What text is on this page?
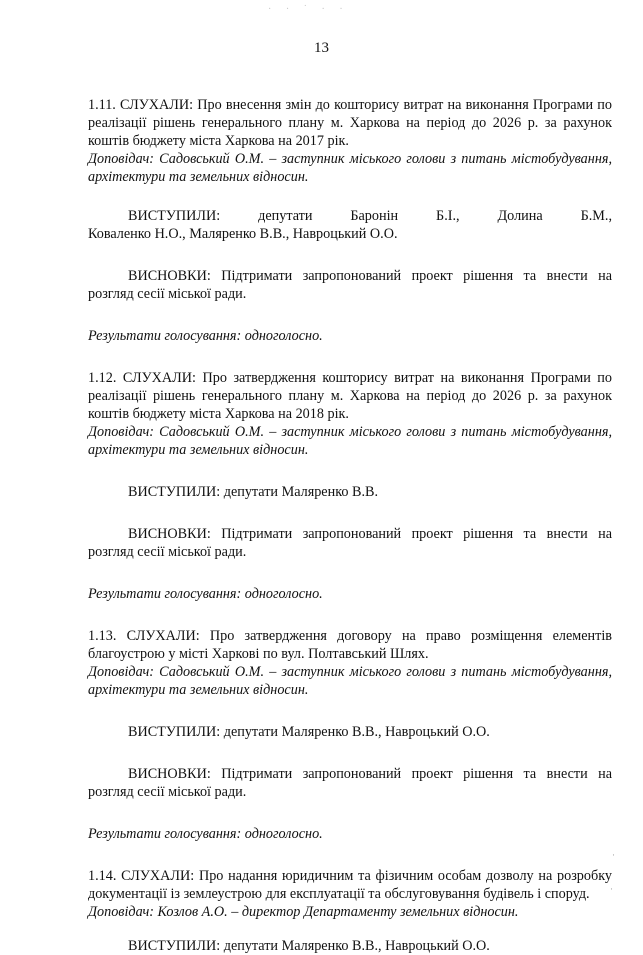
· · ˙ · ·
13

1.11. СЛУХАЛИ: Про внесення змін до кошторису витрат на виконання Програми по реалізації рішень генерального плану м. Харкова на період до 2026 р. за рахунок коштів бюджету міста Харкова на 2017 рік.

Доповідач: Садовський О.М. – заступник міського голови з питань містобудування, архітектури та земельних відносин.

ВИСТУПИЛИ: депутати Баронін Б.І., Долина Б.М.,

Коваленко Н.О., Маляренко В.В., Навроцький О.О.

ВИСНОВКИ: Підтримати запропонований проект рішення та внести на розгляд сесії міської ради.

Результати голосування: одноголосно.

1.12. СЛУХАЛИ: Про затвердження кошторису витрат на виконання Програми по реалізації рішень генерального плану м. Харкова на період до 2026 р. за рахунок коштів бюджету міста Харкова на 2018 рік.

Доповідач: Садовський О.М. – заступник міського голови з питань містобудування, архітектури та земельних відносин.

ВИСТУПИЛИ: депутати Маляренко В.В.

ВИСНОВКИ: Підтримати запропонований проект рішення та внести на розгляд сесії міської ради.

Результати голосування: одноголосно.

1.13. СЛУХАЛИ: Про затвердження договору на право розміщення елементів благоустрою у місті Харкові по вул. Полтавський Шлях.

Доповідач: Садовський О.М. – заступник міського голови з питань містобудування, архітектури та земельних відносин.

ВИСТУПИЛИ: депутати Маляренко В.В., Навроцький О.О.

ВИСНОВКИ: Підтримати запропонований проект рішення та внести на розгляд сесії міської ради.

Результати голосування: одноголосно.

1.14. СЛУХАЛИ: Про надання юридичним та фізичним особам дозволу на розробку документації із землеустрою для експлуатації та обслуговування будівель і споруд.

Доповідач: Козлов А.О. – директор Департаменту земельних відносин.

ВИСТУПИЛИ: депутати Маляренко В.В., Навроцький О.О.

·
·
